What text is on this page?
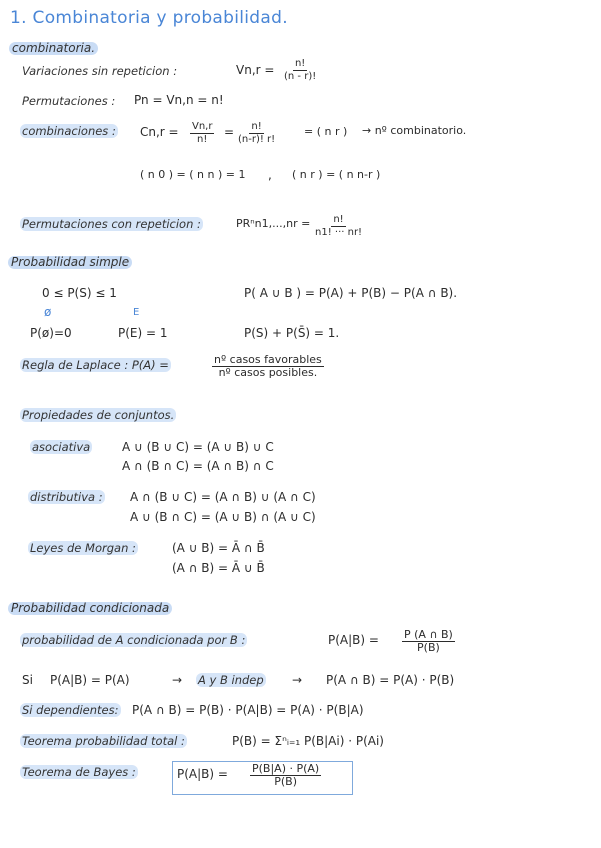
1. Combinatoria y probabilidad.
combinatoria.
Variaciones sin repeticion :	$Vn,r = \frac{n!}{(n - r)!}$
Permutaciones : Pn = Vn,n = n!
combinaciones : $Cn,r = \frac{Vn,r}{n!} = \frac{n!}{(n-r)! r!}$ = ( n r ) → nº combinatorio.
( n 0 ) = ( n n ) = 1 , ( n r ) = ( n n-r )
Permutaciones con repeticion :	$PR^nn1,...,nr = \frac{n!}{n1! \cdot\cdot\cdot nr!}$
Probabilidad simple
0 ≤ P(S) ≤ 1	P( A ∪ B ) = P(A) + P(B) − P(A ∩ B).
ø	E
P(ø)=0	P(E) = 1	P(S) + P(S̄) = 1.
Regla de Laplace : P(A) =	nº casos favorables
nº casos posibles.
Propiedades de conjuntos.
asociativa	A ∪ (B ∪ C) = (A ∪ B) ∪ C
A ∩ (B ∩ C) = (A ∩ B) ∩ C
distributiva : A ∩ (B ∪ C) = (A ∩ B) ∪ (A ∩ C)
A ∪ (B ∩ C) = (A ∪ B) ∩ (A ∪ C)
Leyes de Morgan :	(A ∪ B) = Ā ∩ B̄
(A ∩ B) = Ā ∪ B̄
Probabilidad condicionada
probabilidad de A condicionada por B :	$P(A|B) = \frac{P (A \cap B)}{P(B)}$
Si P(A|B) = P(A)	→ A y B indep → P(A ∩ B) = P(A) · P(B)
Si dependientes: P(A ∩ B) = P(B) · P(A|B) = P(A) · P(B|A)
Teorema probabilidad total :	P(B) = Σⁿᵢ₌₁ P(B|Ai) · P(Ai)
Teorema de Bayes :	$P(A|B) = \frac{P(B|A) \cdot P(A)}{P(B)}$
